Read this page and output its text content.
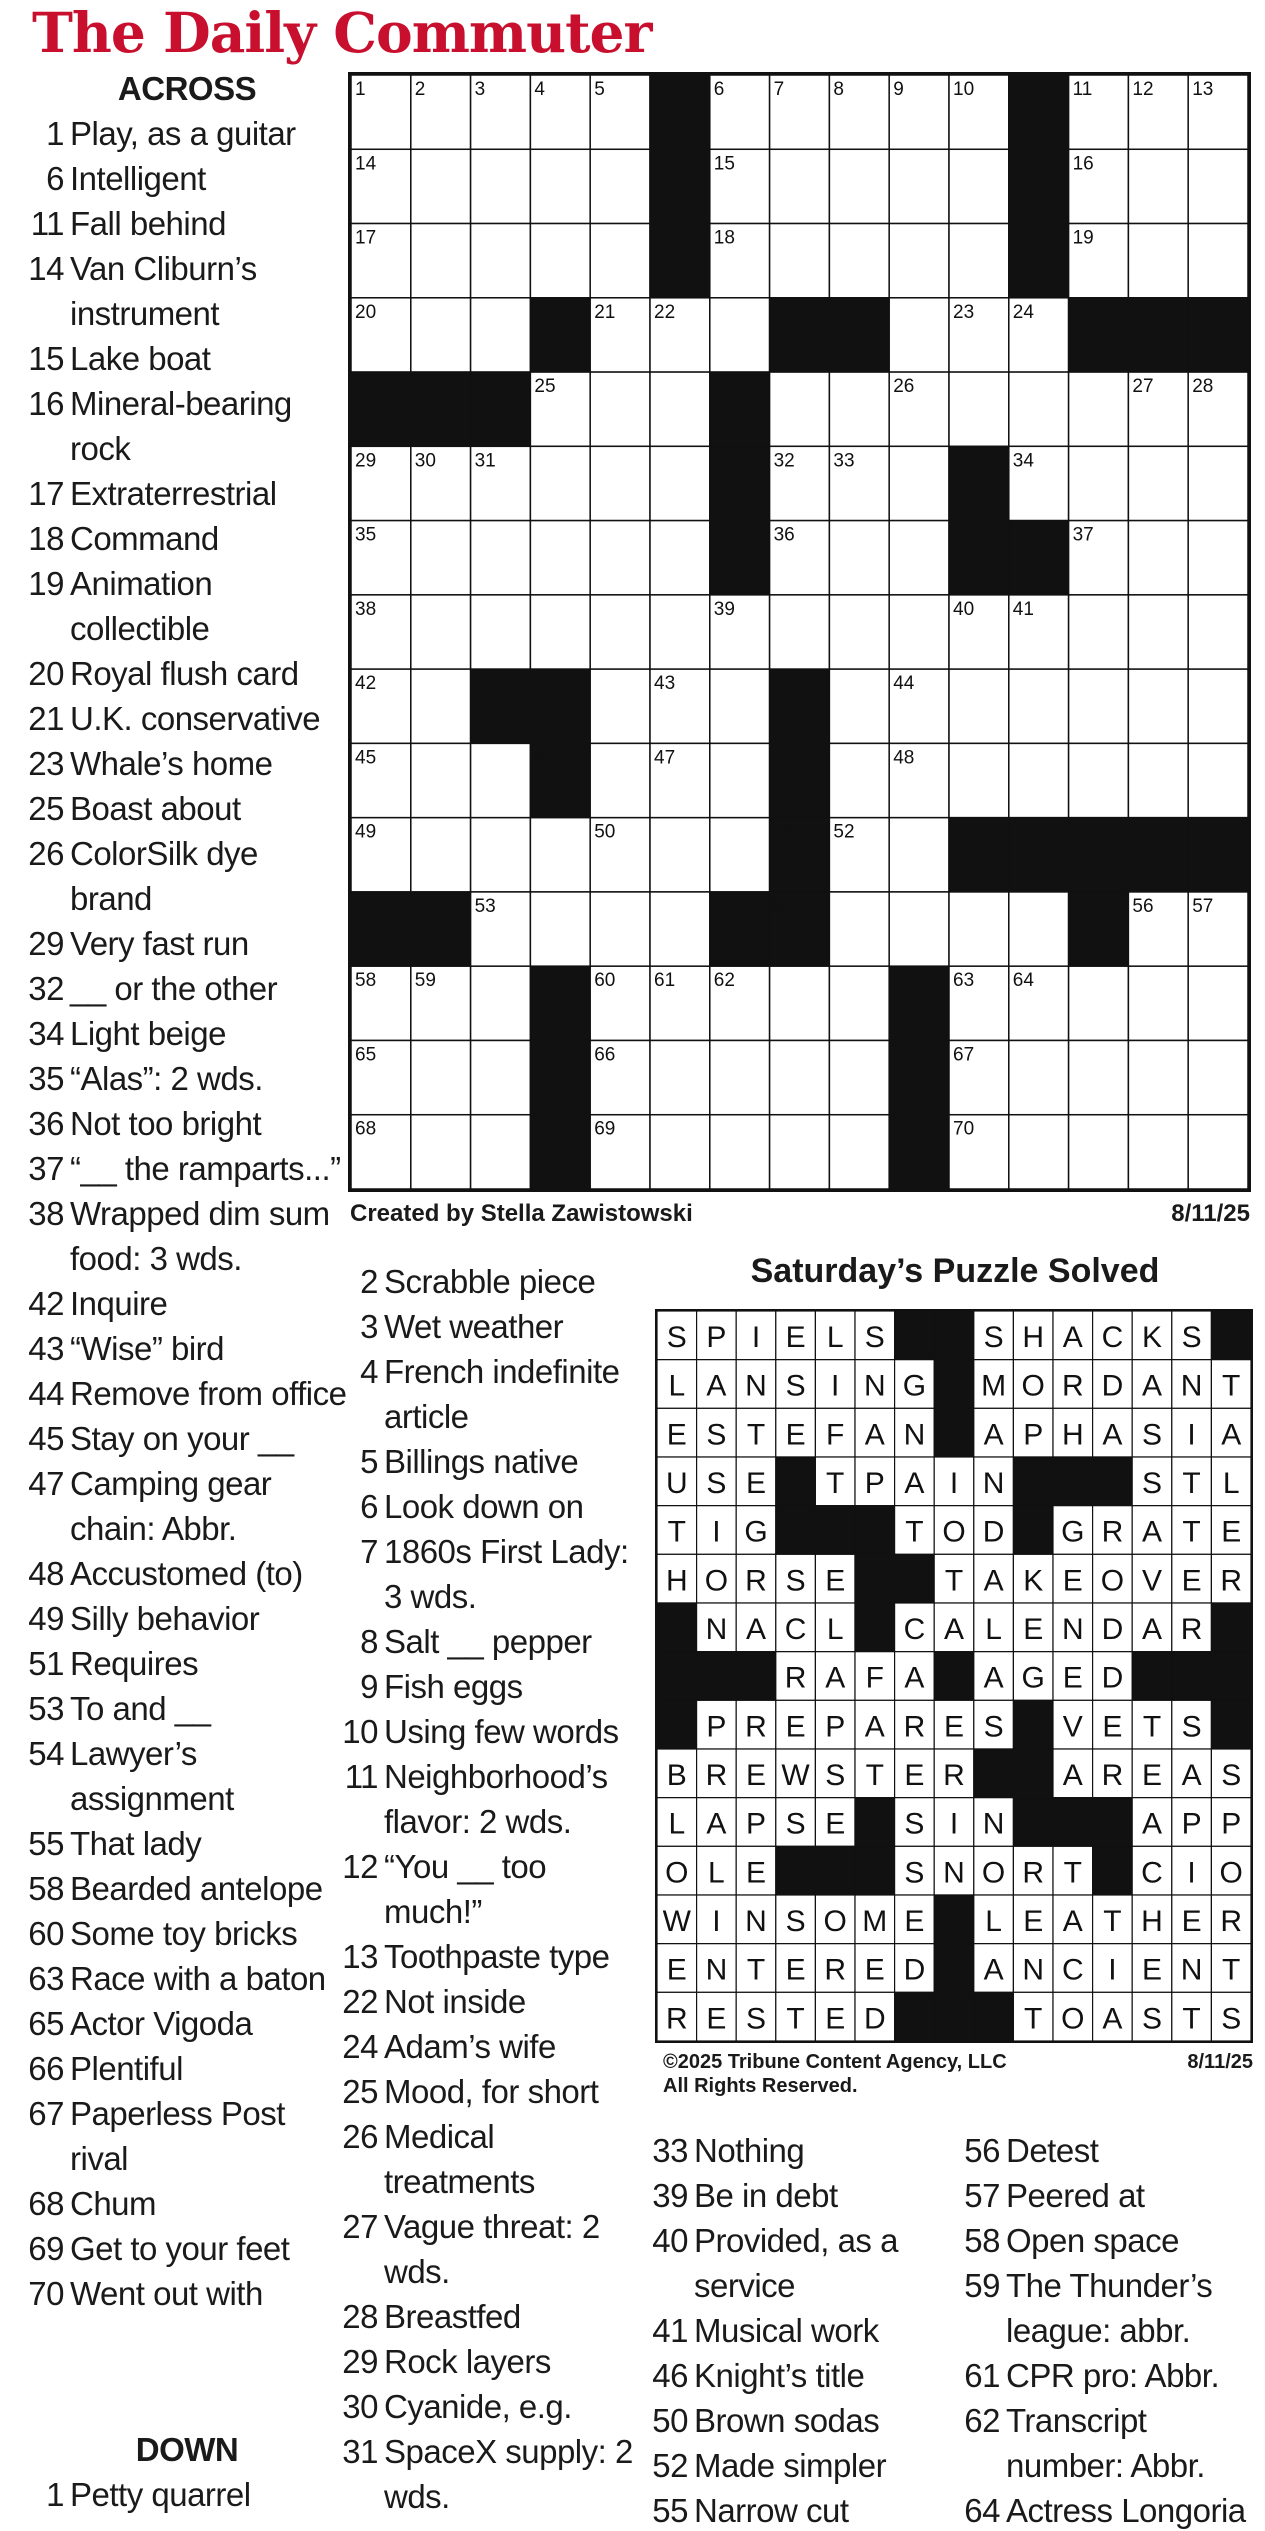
The Daily Commuter
ACROSS
1 Play, as a guitar
6 Intelligent
11 Fall behind
14 Van Cliburn’s instrument
15 Lake boat
16 Mineral-bearing rock
17 Extraterrestrial
18 Command
19 Animation collectible
20 Royal flush card
21 U.K. conservative
23 Whale’s home
25 Boast about
26 ColorSilk dye brand
29 Very fast run
32 __ or the other
34 Light beige
35 “Alas”: 2 wds.
36 Not too bright
37 “__ the ramparts...”
38 Wrapped dim sum food: 3 wds.
42 Inquire
43 “Wise” bird
44 Remove from office
45 Stay on your __
47 Camping gear chain: Abbr.
48 Accustomed (to)
49 Silly behavior
51 Requires
53 To and __
54 Lawyer’s assignment
55 That lady
58 Bearded antelope
60 Some toy bricks
63 Race with a baton
65 Actor Vigoda
66 Plentiful
67 Paperless Post rival
68 Chum
69 Get to your feet
70 Went out with
1	2	3	4	5	6	7	8	9	10	11 12 13
14	15	16
17	18	19
20	21 22	23 24
25	26	27 28
29 30 31	32 33	34
35	36	37
38	39	40 41
42	43	44
45	46	47	48
49	50	51 52
53	54	55 56 57
58 59	60 61 62	63 64
65	66	67
68	69	70
Created by Stella Zawistowski	8/11/25
2 Scrabble piece
3 Wet weather
4 French indefinite article
5 Billings native
6 Look down on
7 1860s First Lady: 3 wds.
8 Salt __ pepper
9 Fish eggs
10 Using few words
11 Neighborhood’s flavor: 2 wds.
12 “You __ too much!”
13 Toothpaste type
22 Not inside
24 Adam’s wife
25 Mood, for short
26 Medical treatments
27 Vague threat: 2 wds.
28 Breastfed
29 Rock layers
30 Cyanide, e.g.
31 SpaceX supply: 2 wds.
Saturday’s Puzzle Solved
S P I E L S	S H A C K S
L A N S I N G M O R D A N T
E S T E F A N A P H A S I A
U S E T P A I N	S T L
T I G	T O D G R A T E
H O R S E	T A K E O V E R
N A C L C A L E N D A R
R A F A A G E D
P R E P A R E S V E T S
B R E W S T E R	A R E A S
L A P S E S I N	A P P
O L E	S N O R T C I O
W I N S O M E L E A T H E R
E N T E R E D A N C I E N T
R E S T E D	T O A S T S
©2025 Tribune Content Agency, LLC
All Rights Reserved.
8/11/25
33 Nothing
39 Be in debt
40 Provided, as a service
41 Musical work
46 Knight’s title
50 Brown sodas
52 Made simpler
55 Narrow cut
56 Detest
57 Peered at
58 Open space
59 The Thunder’s league: abbr.
61 CPR pro: Abbr.
62 Transcript number: Abbr.
64 Actress Longoria
DOWN
1 Petty quarrel
